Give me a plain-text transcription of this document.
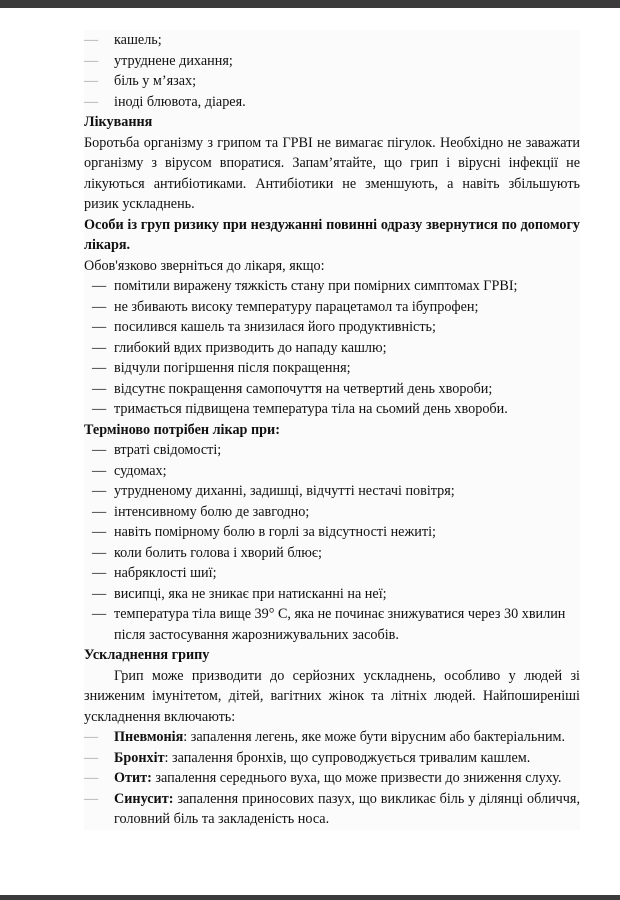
— кашель;
— утруднене дихання;
— біль у м’язах;
— іноді блювота, діарея.

Лікування

Боротьба організму з грипом та ГРВІ не вимагає пігулок. Необхідно не заважати організму з вірусом впоратися. Запам’ятайте, що грип і вірусні інфекції не лікуються антибіотиками. Антибіотики не зменшують, а навіть збільшують ризик ускладнень.

Особи із груп ризику при нездужанні повинні одразу звернутися по допомогу лікаря.

Обов'язково зверніться до лікаря, якщо:

— помітили виражену тяжкість стану при помірних симптомах ГРВІ;
— не збивають високу температуру парацетамол та ібупрофен;
— посилився кашель та знизилася його продуктивність;
— глибокий вдих призводить до нападу кашлю;
— відчули погіршення після покращення;
— відсутнє покращення самопочуття на четвертий день хвороби;
— тримається підвищена температура тіла на сьомий день хвороби.

Терміново потрібен лікар при:

— втраті свідомості;
— судомах;
— утрудненому диханні, задишці, відчутті нестачі повітря;
— інтенсивному болю де завгодно;
— навіть помірному болю в горлі за відсутності нежиті;
— коли болить голова і хворий блює;
— набряклості шиї;
— висипці, яка не зникає при натисканні на неї;
— температура тіла вище 39° С, яка не починає знижуватися через 30 хвилин після застосування жарознижувальних засобів.

Ускладнення грипу

Грип може призводити до серйозних ускладнень, особливо у людей зі зниженим імунітетом, дітей, вагітних жінок та літніх людей. Найпоширеніші ускладнення включають:

— Пневмонія: запалення легень, яке може бути вірусним або бактеріальним.
— Бронхіт: запалення бронхів, що супроводжується тривалим кашлем.
— Отит: запалення середнього вуха, що може призвести до зниження слуху.
— Синусит: запалення приносових пазух, що викликає біль у ділянці обличчя, головний біль та закладеність носа.
